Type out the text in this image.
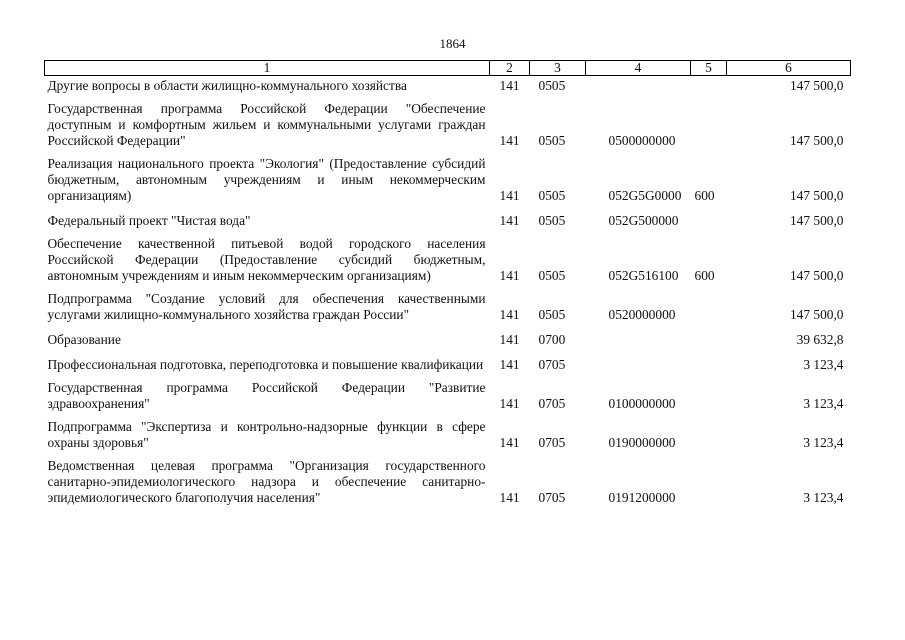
1864
1	2	3	4	5	6
Другие вопросы в области жилищно-коммунального хозяйства	141	0505			147 500,0

Государственная программа Российской Федерации "Обеспечение доступным и комфортным жильем и коммунальными услугами граждан Российской Федерации"	141	0505	0500000000		147 500,0

Реализация национального проекта "Экология" (Предоставление субсидий бюджетным, автономным учреждениям и иным некоммерческим организациям)	141	0505	052G5G0000	600	147 500,0

Федеральный проект "Чистая вода"	141	0505	052G500000		147 500,0

Обеспечение качественной питьевой водой городского населения Российской Федерации (Предоставление субсидий бюджетным, автономным учреждениям и иным некоммерческим организациям)	141	0505	052G516100	600	147 500,0

Подпрограмма "Создание условий для обеспечения качественными услугами жилищно-коммунального хозяйства граждан России"	141	0505	0520000000		147 500,0

Образование	141	0700			39 632,8

Профессиональная подготовка, переподготовка и повышение квалификации	141	0705			3 123,4

Государственная программа Российской Федерации "Развитие здравоохранения"	141	0705	0100000000		3 123,4

Подпрограмма "Экспертиза и контрольно-надзорные функции в сфере охраны здоровья"	141	0705	0190000000		3 123,4

Ведомственная целевая программа "Организация государственного санитарно-эпидемиологического надзора и обеспечение санитарно-эпидемиологического благополучия населения"	141	0705	0191200000		3 123,4
